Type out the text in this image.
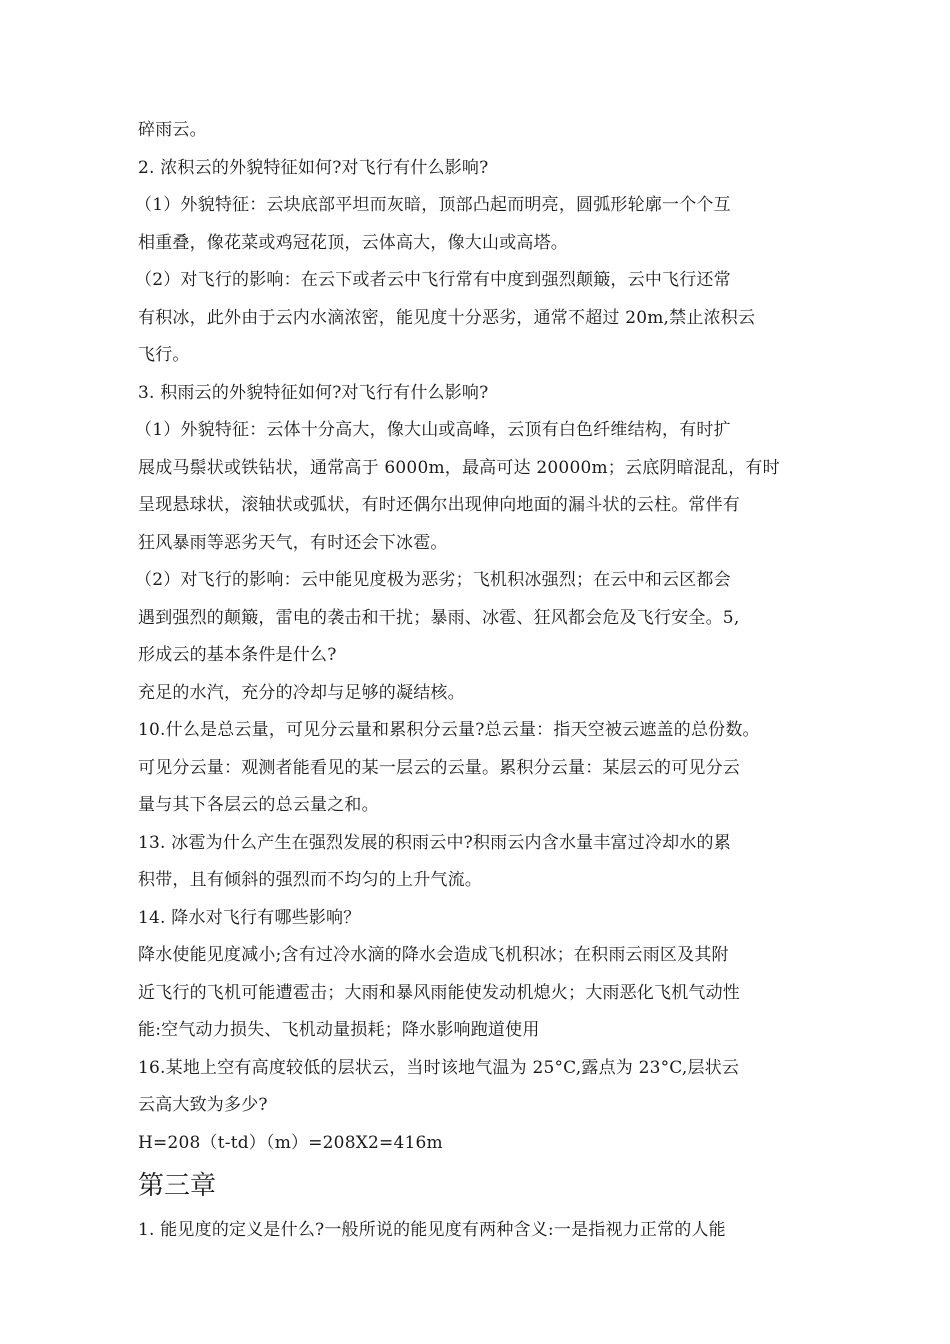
碎雨云。
2. 浓积云的外貌特征如何?对飞行有什么影响?
（1）外貌特征：云块底部平坦而灰暗，顶部凸起而明亮，圆弧形轮廓一个个互
相重叠，像花菜或鸡冠花顶，云体高大，像大山或高塔。
（2）对飞行的影响：在云下或者云中飞行常有中度到强烈颠簸，云中飞行还常
有积冰，此外由于云内水滴浓密，能见度十分恶劣，通常不超过 20m,禁止浓积云
飞行。
3. 积雨云的外貌特征如何?对飞行有什么影响?
（1）外貌特征：云体十分高大，像大山或高峰，云顶有白色纤维结构，有时扩
展成马鬃状或铁钻状，通常高于 6000m，最高可达 20000m；云底阴暗混乱，有时
呈现悬球状，滚轴状或弧状，有时还偶尔出现伸向地面的漏斗状的云柱。常伴有
狂风暴雨等恶劣天气，有时还会下冰雹。
（2）对飞行的影响：云中能见度极为恶劣；飞机积冰强烈；在云中和云区都会
遇到强烈的颠簸，雷电的袭击和干扰；暴雨、冰雹、狂风都会危及飞行安全。5,
形成云的基本条件是什么?
充足的水汽，充分的冷却与足够的凝结核。
10.什么是总云量，可见分云量和累积分云量?总云量：指天空被云遮盖的总份数。
可见分云量：观测者能看见的某一层云的云量。累积分云量：某层云的可见分云
量与其下各层云的总云量之和。
13. 冰雹为什么产生在强烈发展的积雨云中?积雨云内含水量丰富过冷却水的累
积带，且有倾斜的强烈而不均匀的上升气流。
14. 降水对飞行有哪些影响？
降水使能见度减小;含有过冷水滴的降水会造成飞机积冰；在积雨云雨区及其附
近飞行的飞机可能遭雹击；大雨和暴风雨能使发动机熄火；大雨恶化飞机气动性
能:空气动力损失、飞机动量损耗；降水影响跑道使用
16.某地上空有高度较低的层状云，当时该地气温为 25°C,露点为 23°C,层状云
云高大致为多少?
H=208（t-td）（m）=208X2=416m
第三章
1. 能见度的定义是什么?一般所说的能见度有两种含义:一是指视力正常的人能
